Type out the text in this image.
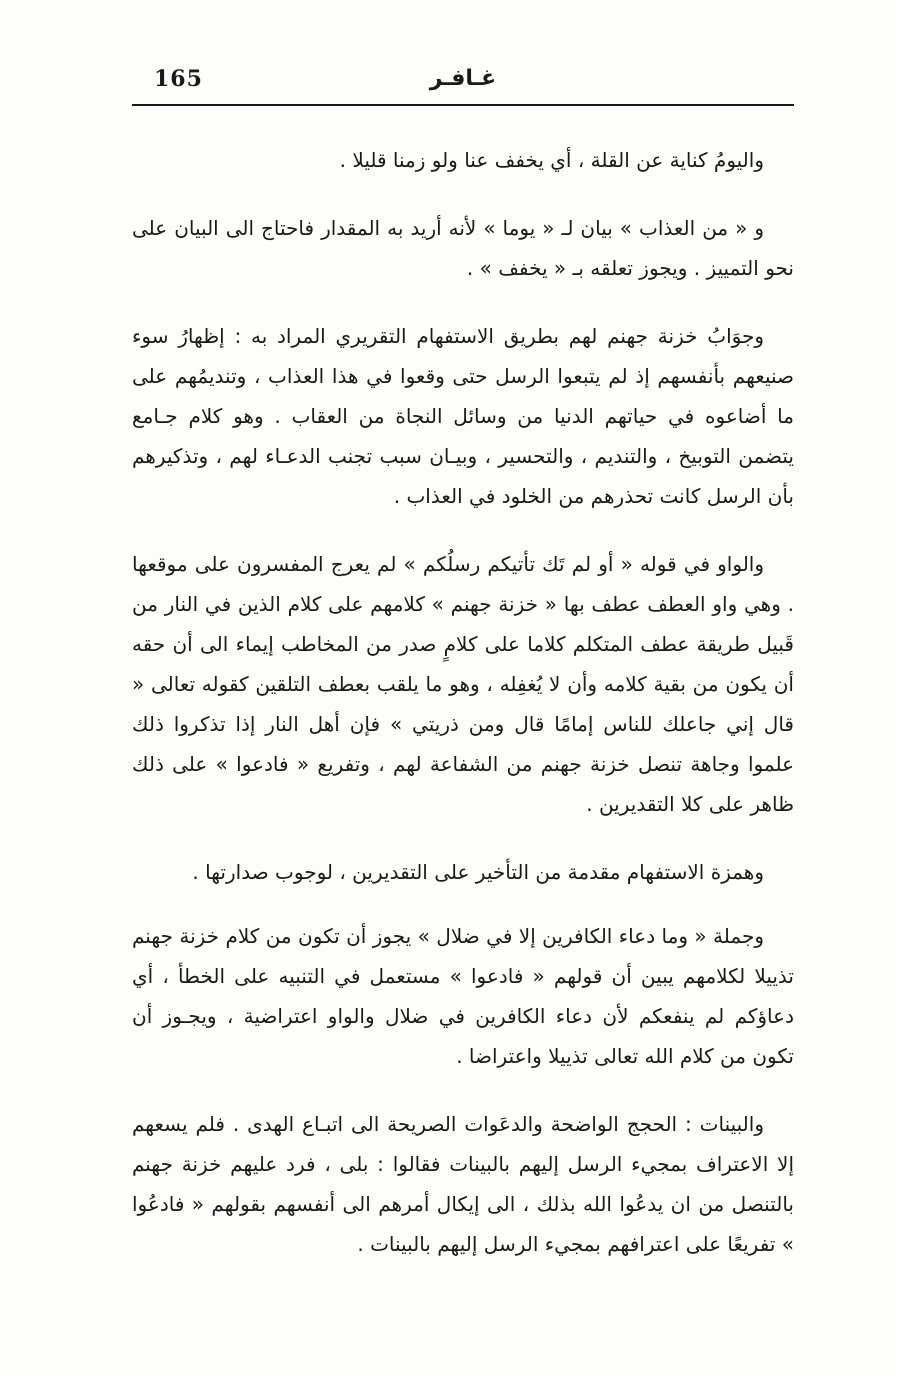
165	غـافـر

واليومُ كناية عن القلة ، أي يخفف عنا ولو زمنا قليلا .

و « من العذاب » بيان لـ « يوما » لأنه أريد به المقدار فاحتاج الى البيان على نحو التمييز . ويجوز تعلقه بـ « يخفف » .

وجوَابُ خزنة جهنم لهم بطريق الاستفهام التقريري المراد به : إظهارُ سوء صنيعهم بأنفسهم إذ لم يتبعوا الرسل حتى وقعوا في هذا العذاب ، وتنديمُهم على ما أضاعوه في حياتهم الدنيا من وسائل النجاة من العقاب . وهو كلام جـامع يتضمن التوبيخ ، والتنديم ، والتحسير ، وبيـان سبب تجنب الدعـاء لهم ، وتذكيرهم بأن الرسل كانت تحذرهم من الخلود في العذاب .

والواو في قوله « أو لم تَك تأتيكم رسلُكم » لم يعرج المفسرون على موقعها . وهي واو العطف عطف بها « خزنة جهنم » كلامهم على كلام الذين في النار من قَبيل طريقة عطف المتكلم كلاما على كلامٍ صدر من المخاطب إيماء الى أن حقه أن يكون من بقية كلامه وأن لا يُغفِله ، وهو ما يلقب بعطف التلقين كقوله تعالى « قال إني جاعلك للناس إمامًا قال ومن ذريتي » فإن أهل النار إذا تذكروا ذلك علموا وجاهة تنصل خزنة جهنم من الشفاعة لهم ، وتفريع « فادعوا » على ذلك ظاهر على كلا التقديرين .

وهمزة الاستفهام مقدمة من التأخير على التقديرين ، لوجوب صدارتها .

وجملة « وما دعاء الكافرين إلا في ضلال » يجوز أن تكون من كلام خزنة جهنم تذييلا لكلامهم يبين أن قولهم « فادعوا » مستعمل في التنبيه على الخطأ ، أي دعاؤكم لم ينفعكم لأن دعاء الكافرين في ضلال والواو اعتراضية ، ويجـوز أن تكون من كلام الله تعالى تذييلا واعتراضا .

والبينات : الحجج الواضحة والدعَوات الصريحة الى اتبـاع الهدى . فلم يسعهم إلا الاعتراف بمجيء الرسل إليهم بالبينات فقالوا : بلى ، فرد عليهم خزنة جهنم بالتنصل من ان يدعُوا الله بذلك ، الى إيكال أمرهم الى أنفسهم بقولهم « فادعُوا » تفريعًا على اعترافهم بمجيء الرسل إليهم بالبينات .
